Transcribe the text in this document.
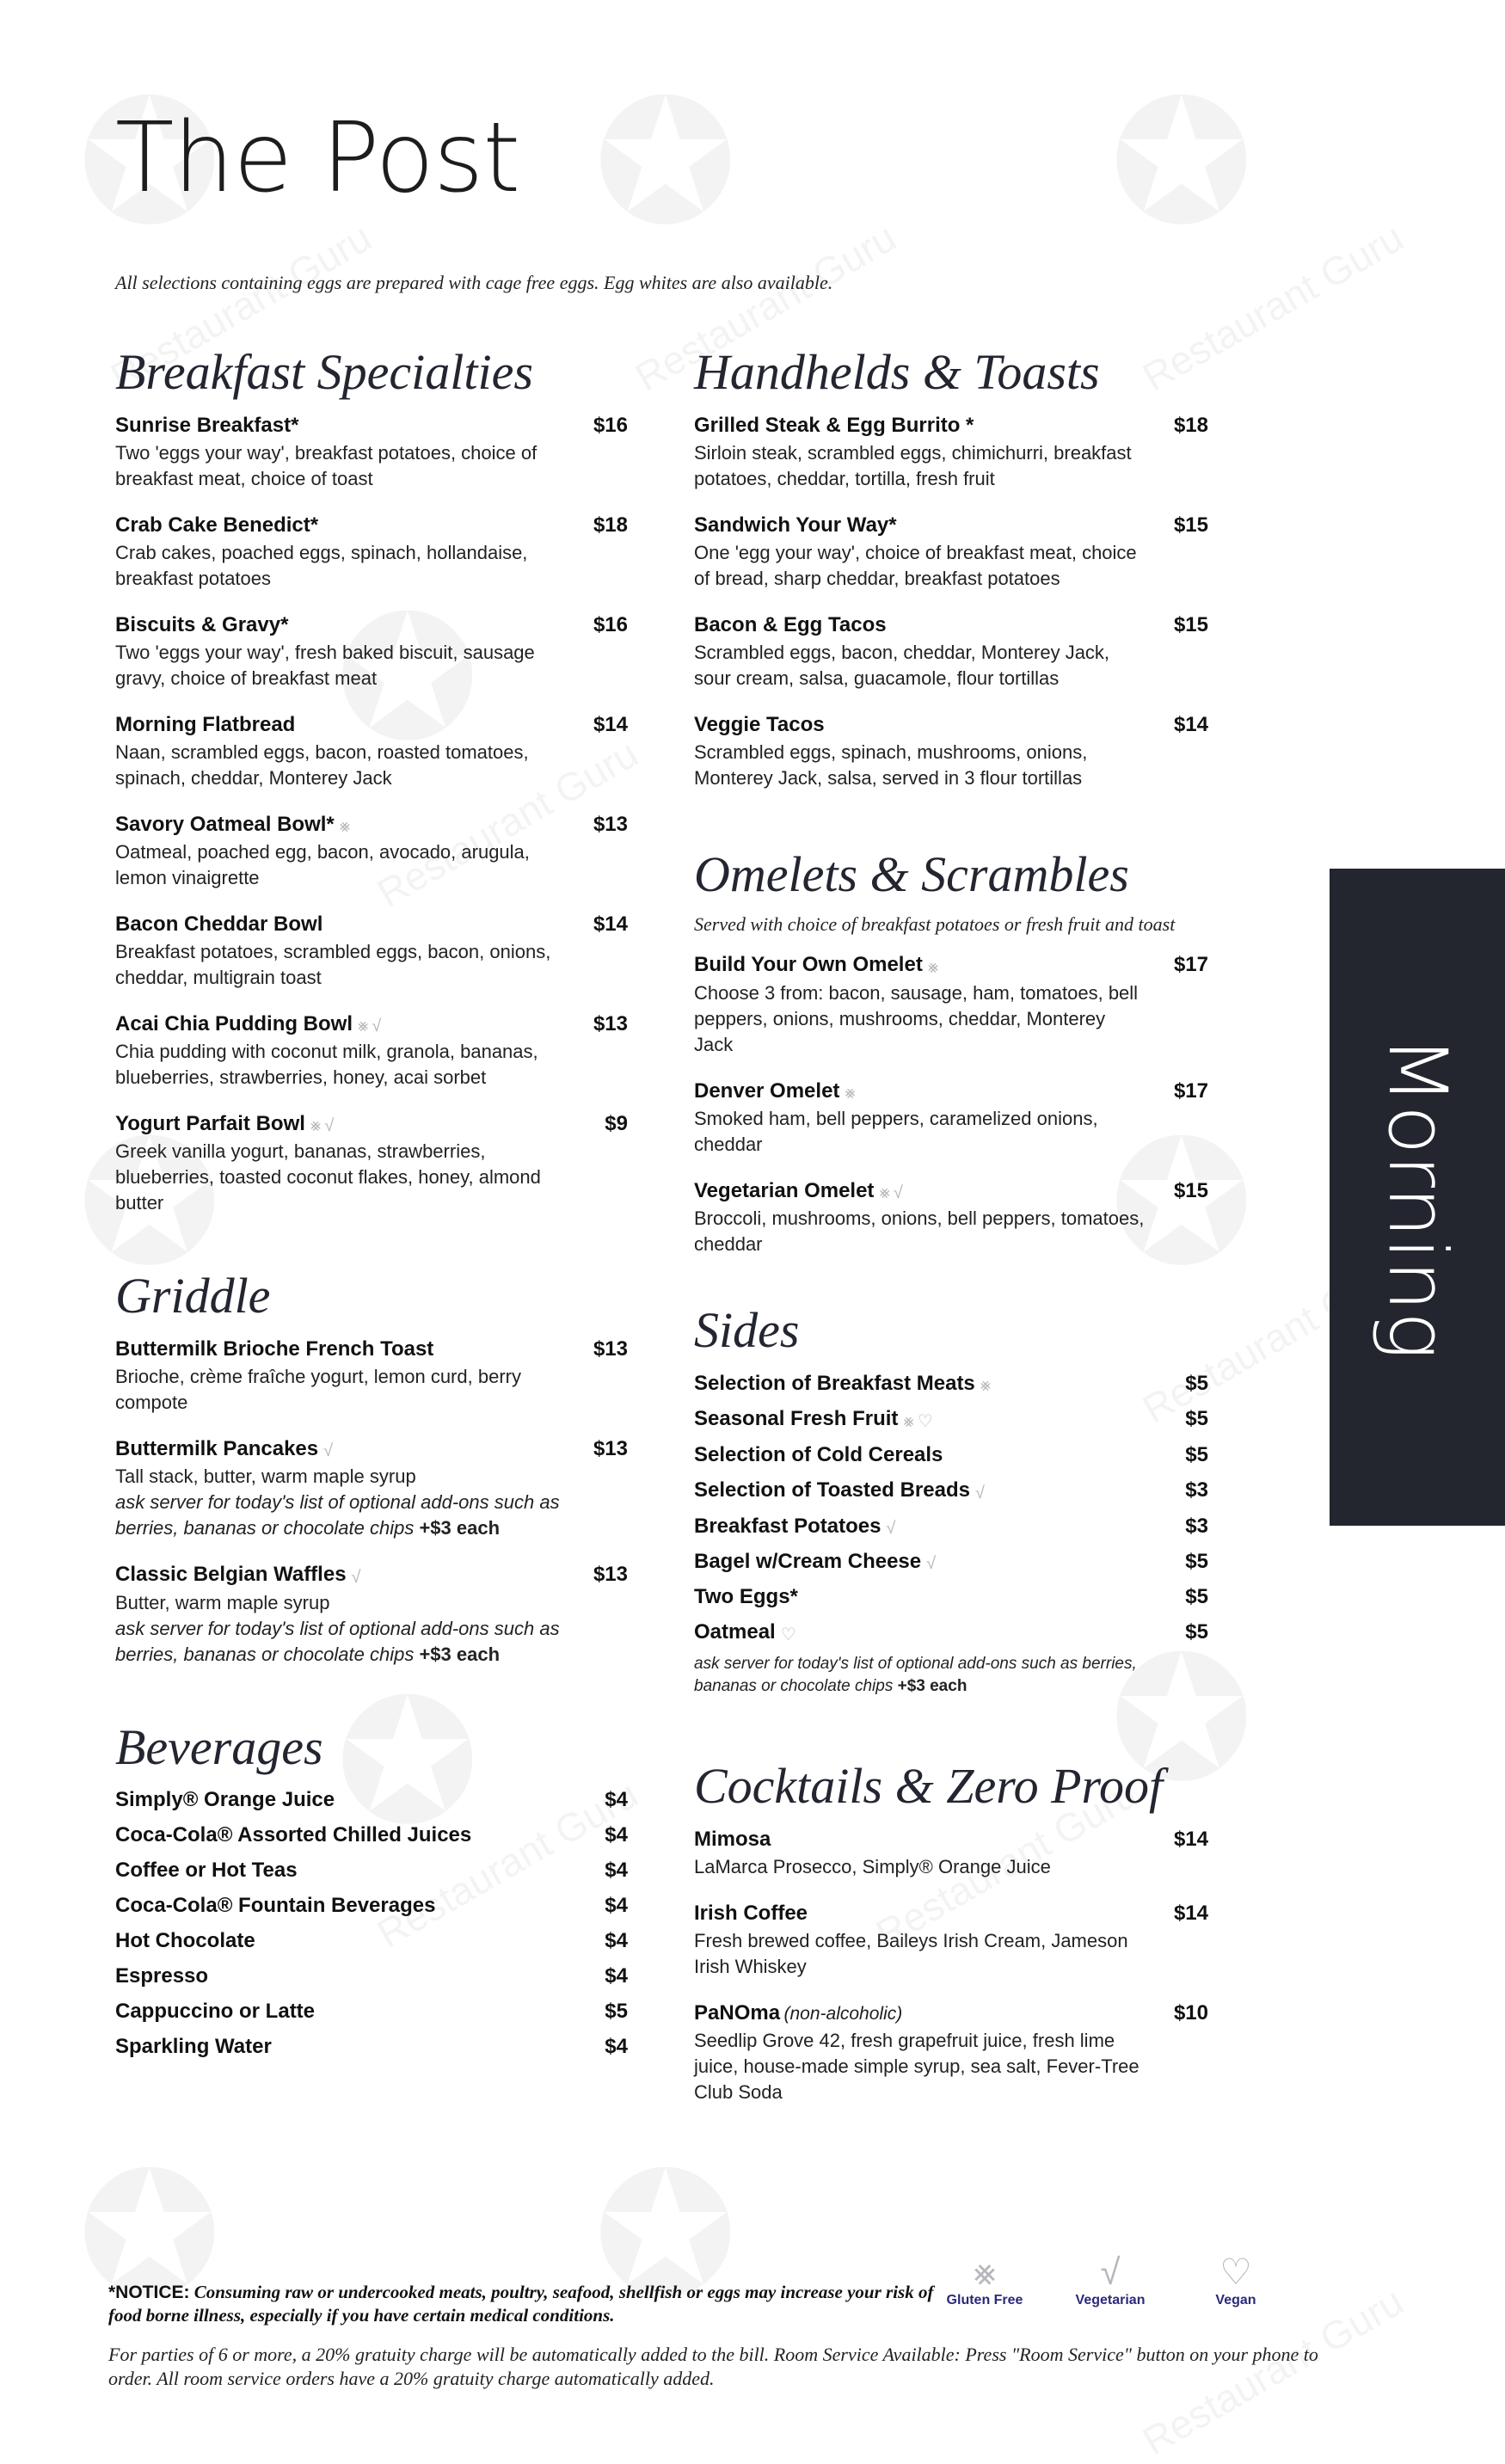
The Post
All selections containing eggs are prepared with cage free eggs. Egg whites are also available.
Breakfast Specialties
Sunrise Breakfast*	$16
Two 'eggs your way', breakfast potatoes, choice of breakfast meat, choice of toast
Crab Cake Benedict*	$18
Crab cakes, poached eggs, spinach, hollandaise, breakfast potatoes
Biscuits & Gravy*	$16
Two 'eggs your way', fresh baked biscuit, sausage gravy, choice of breakfast meat
Morning Flatbread	$14
Naan, scrambled eggs, bacon, roasted tomatoes, spinach, cheddar, Monterey Jack
Savory Oatmeal Bowl* ⨳	$13
Oatmeal, poached egg, bacon, avocado, arugula, lemon vinaigrette
Bacon Cheddar Bowl	$14
Breakfast potatoes, scrambled eggs, bacon, onions, cheddar, multigrain toast
Acai Chia Pudding Bowl ⨳ √	$13
Chia pudding with coconut milk, granola, bananas, blueberries, strawberries, honey, acai sorbet
Yogurt Parfait Bowl ⨳ √	$9
Greek vanilla yogurt, bananas, strawberries, blueberries, toasted coconut flakes, honey, almond butter
Griddle
Buttermilk Brioche French Toast	$13
Brioche, crème fraîche yogurt, lemon curd, berry compote
Buttermilk Pancakes √	$13
Tall stack, butter, warm maple syrup
ask server for today's list of optional add-ons such as berries, bananas or chocolate chips +$3 each
Classic Belgian Waffles √	$13
Butter, warm maple syrup
ask server for today's list of optional add-ons such as berries, bananas or chocolate chips +$3 each
Beverages
Simply® Orange Juice	$4
Coca-Cola® Assorted Chilled Juices	$4
Coffee or Hot Teas	$4
Coca-Cola® Fountain Beverages	$4
Hot Chocolate	$4
Espresso	$4
Cappuccino or Latte	$5
Sparkling Water	$4
Handhelds & Toasts
Grilled Steak & Egg Burrito *	$18
Sirloin steak, scrambled eggs, chimichurri, breakfast potatoes, cheddar, tortilla, fresh fruit
Sandwich Your Way*	$15
One 'egg your way', choice of breakfast meat, choice of bread, sharp cheddar, breakfast potatoes
Bacon & Egg Tacos	$15
Scrambled eggs, bacon, cheddar, Monterey Jack, sour cream, salsa, guacamole, flour tortillas
Veggie Tacos	$14
Scrambled eggs, spinach, mushrooms, onions, Monterey Jack, salsa, served in 3 flour tortillas
Omelets & Scrambles
Served with choice of breakfast potatoes or fresh fruit and toast
Build Your Own Omelet ⨳	$17
Choose 3 from: bacon, sausage, ham, tomatoes, bell peppers, onions, mushrooms, cheddar, Monterey Jack
Denver Omelet ⨳	$17
Smoked ham, bell peppers, caramelized onions, cheddar
Vegetarian Omelet ⨳ √	$15
Broccoli, mushrooms, onions, bell peppers, tomatoes, cheddar
Sides
Selection of Breakfast Meats ⨳	$5
Seasonal Fresh Fruit ⨳ ♡	$5
Selection of Cold Cereals	$5
Selection of Toasted Breads √	$3
Breakfast Potatoes √	$3
Bagel w/Cream Cheese √	$5
Two Eggs*	$5
Oatmeal ♡	$5
ask server for today's list of optional add-ons such as berries, bananas or chocolate chips +$3 each
Cocktails & Zero Proof
Mimosa	$14
LaMarca Prosecco, Simply® Orange Juice
Irish Coffee	$14
Fresh brewed coffee, Baileys Irish Cream, Jameson Irish Whiskey
PaNOma (non-alcoholic)	$10
Seedlip Grove 42, fresh grapefruit juice, fresh lime juice, house-made simple syrup, sea salt, Fever-Tree Club Soda
Morning
⨳
Gluten Free
√
Vegetarian
♡
Vegan
*NOTICE: Consuming raw or undercooked meats, poultry, seafood, shellfish or eggs may increase your risk of food borne illness, especially if you have certain medical conditions.
For parties of 6 or more, a 20% gratuity charge will be automatically added to the bill. Room Service Available: Press "Room Service" button on your phone to order. All room service orders have a 20% gratuity charge automatically added.
